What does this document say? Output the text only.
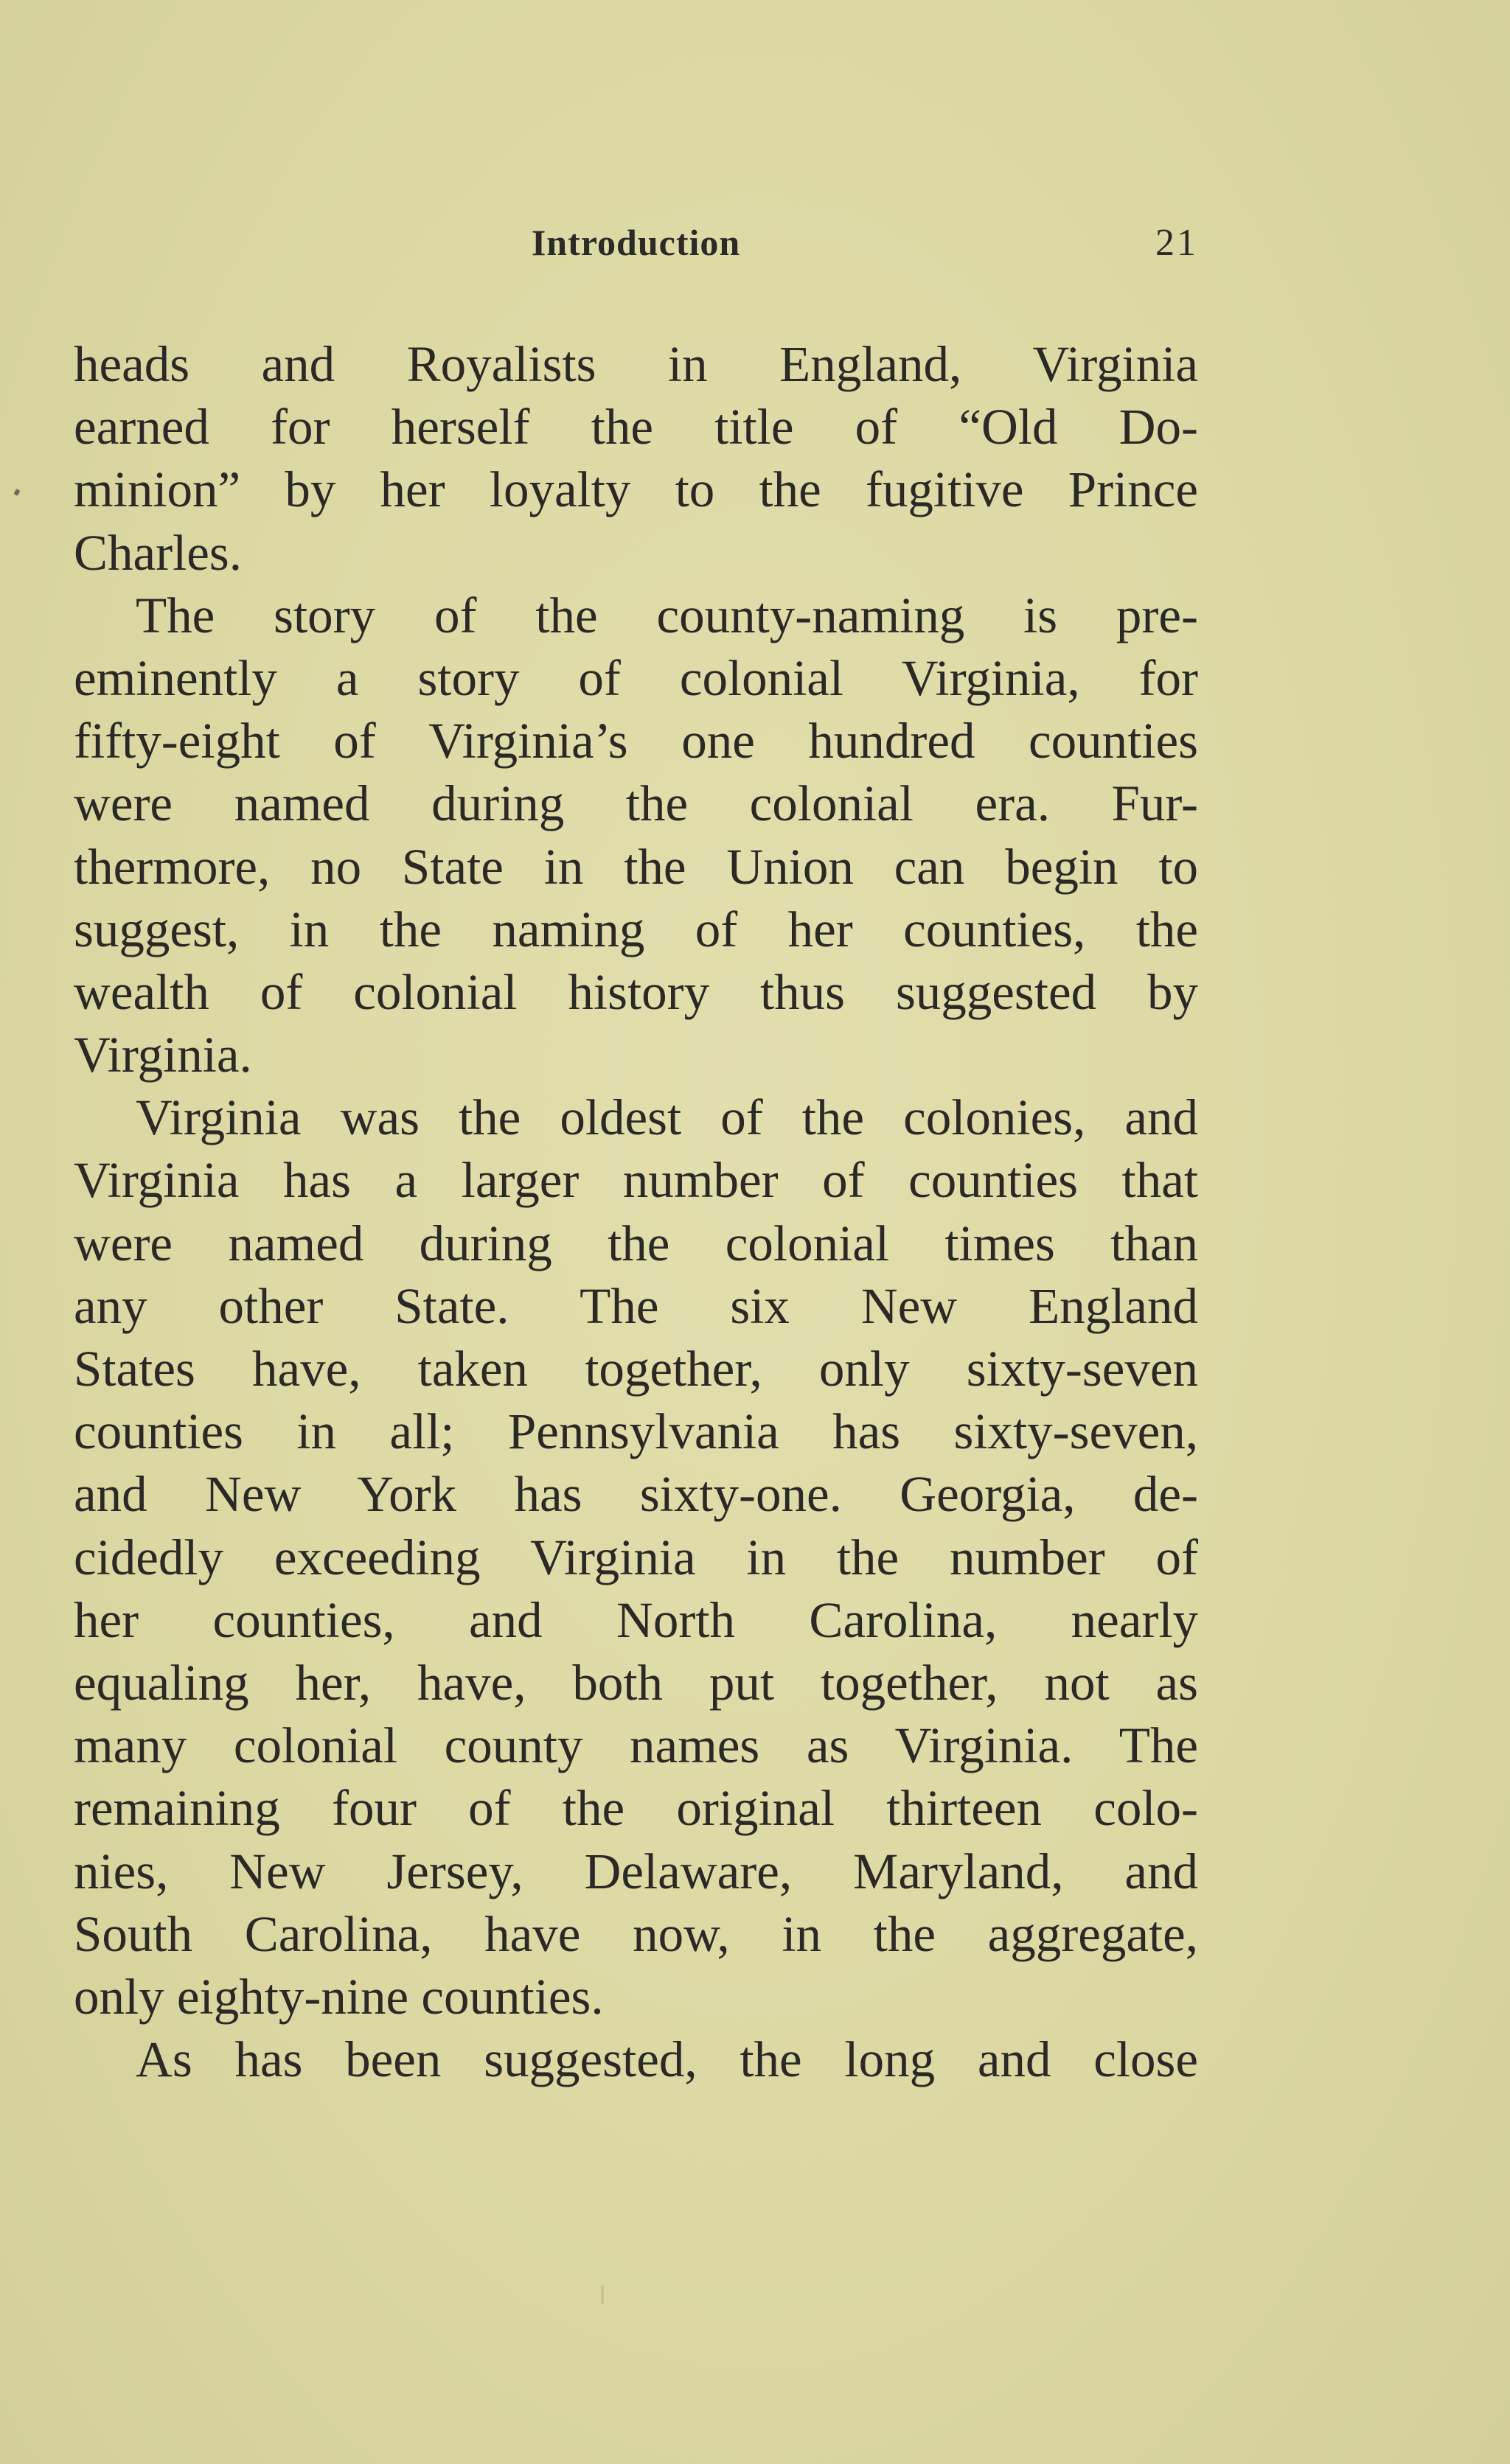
Introduction	21
heads and Royalists in England, Virginia
earned for herself the title of “Old Do-
minion” by her loyalty to the fugitive Prince
Charles.
The story of the county-naming is pre-
eminently a story of colonial Virginia, for
fifty-eight of Virginia’s one hundred counties
were named during the colonial era. Fur-
thermore, no State in the Union can begin to
suggest, in the naming of her counties, the
wealth of colonial history thus suggested by
Virginia.
Virginia was the oldest of the colonies, and
Virginia has a larger number of counties that
were named during the colonial times than
any other State. The six New England
States have, taken together, only sixty-seven
counties in all; Pennsylvania has sixty-seven,
and New York has sixty-one. Georgia, de-
cidedly exceeding Virginia in the number of
her counties, and North Carolina, nearly
equaling her, have, both put together, not as
many colonial county names as Virginia. The
remaining four of the original thirteen colo-
nies, New Jersey, Delaware, Maryland, and
South Carolina, have now, in the aggregate,
only eighty-nine counties.
As has been suggested, the long and close
